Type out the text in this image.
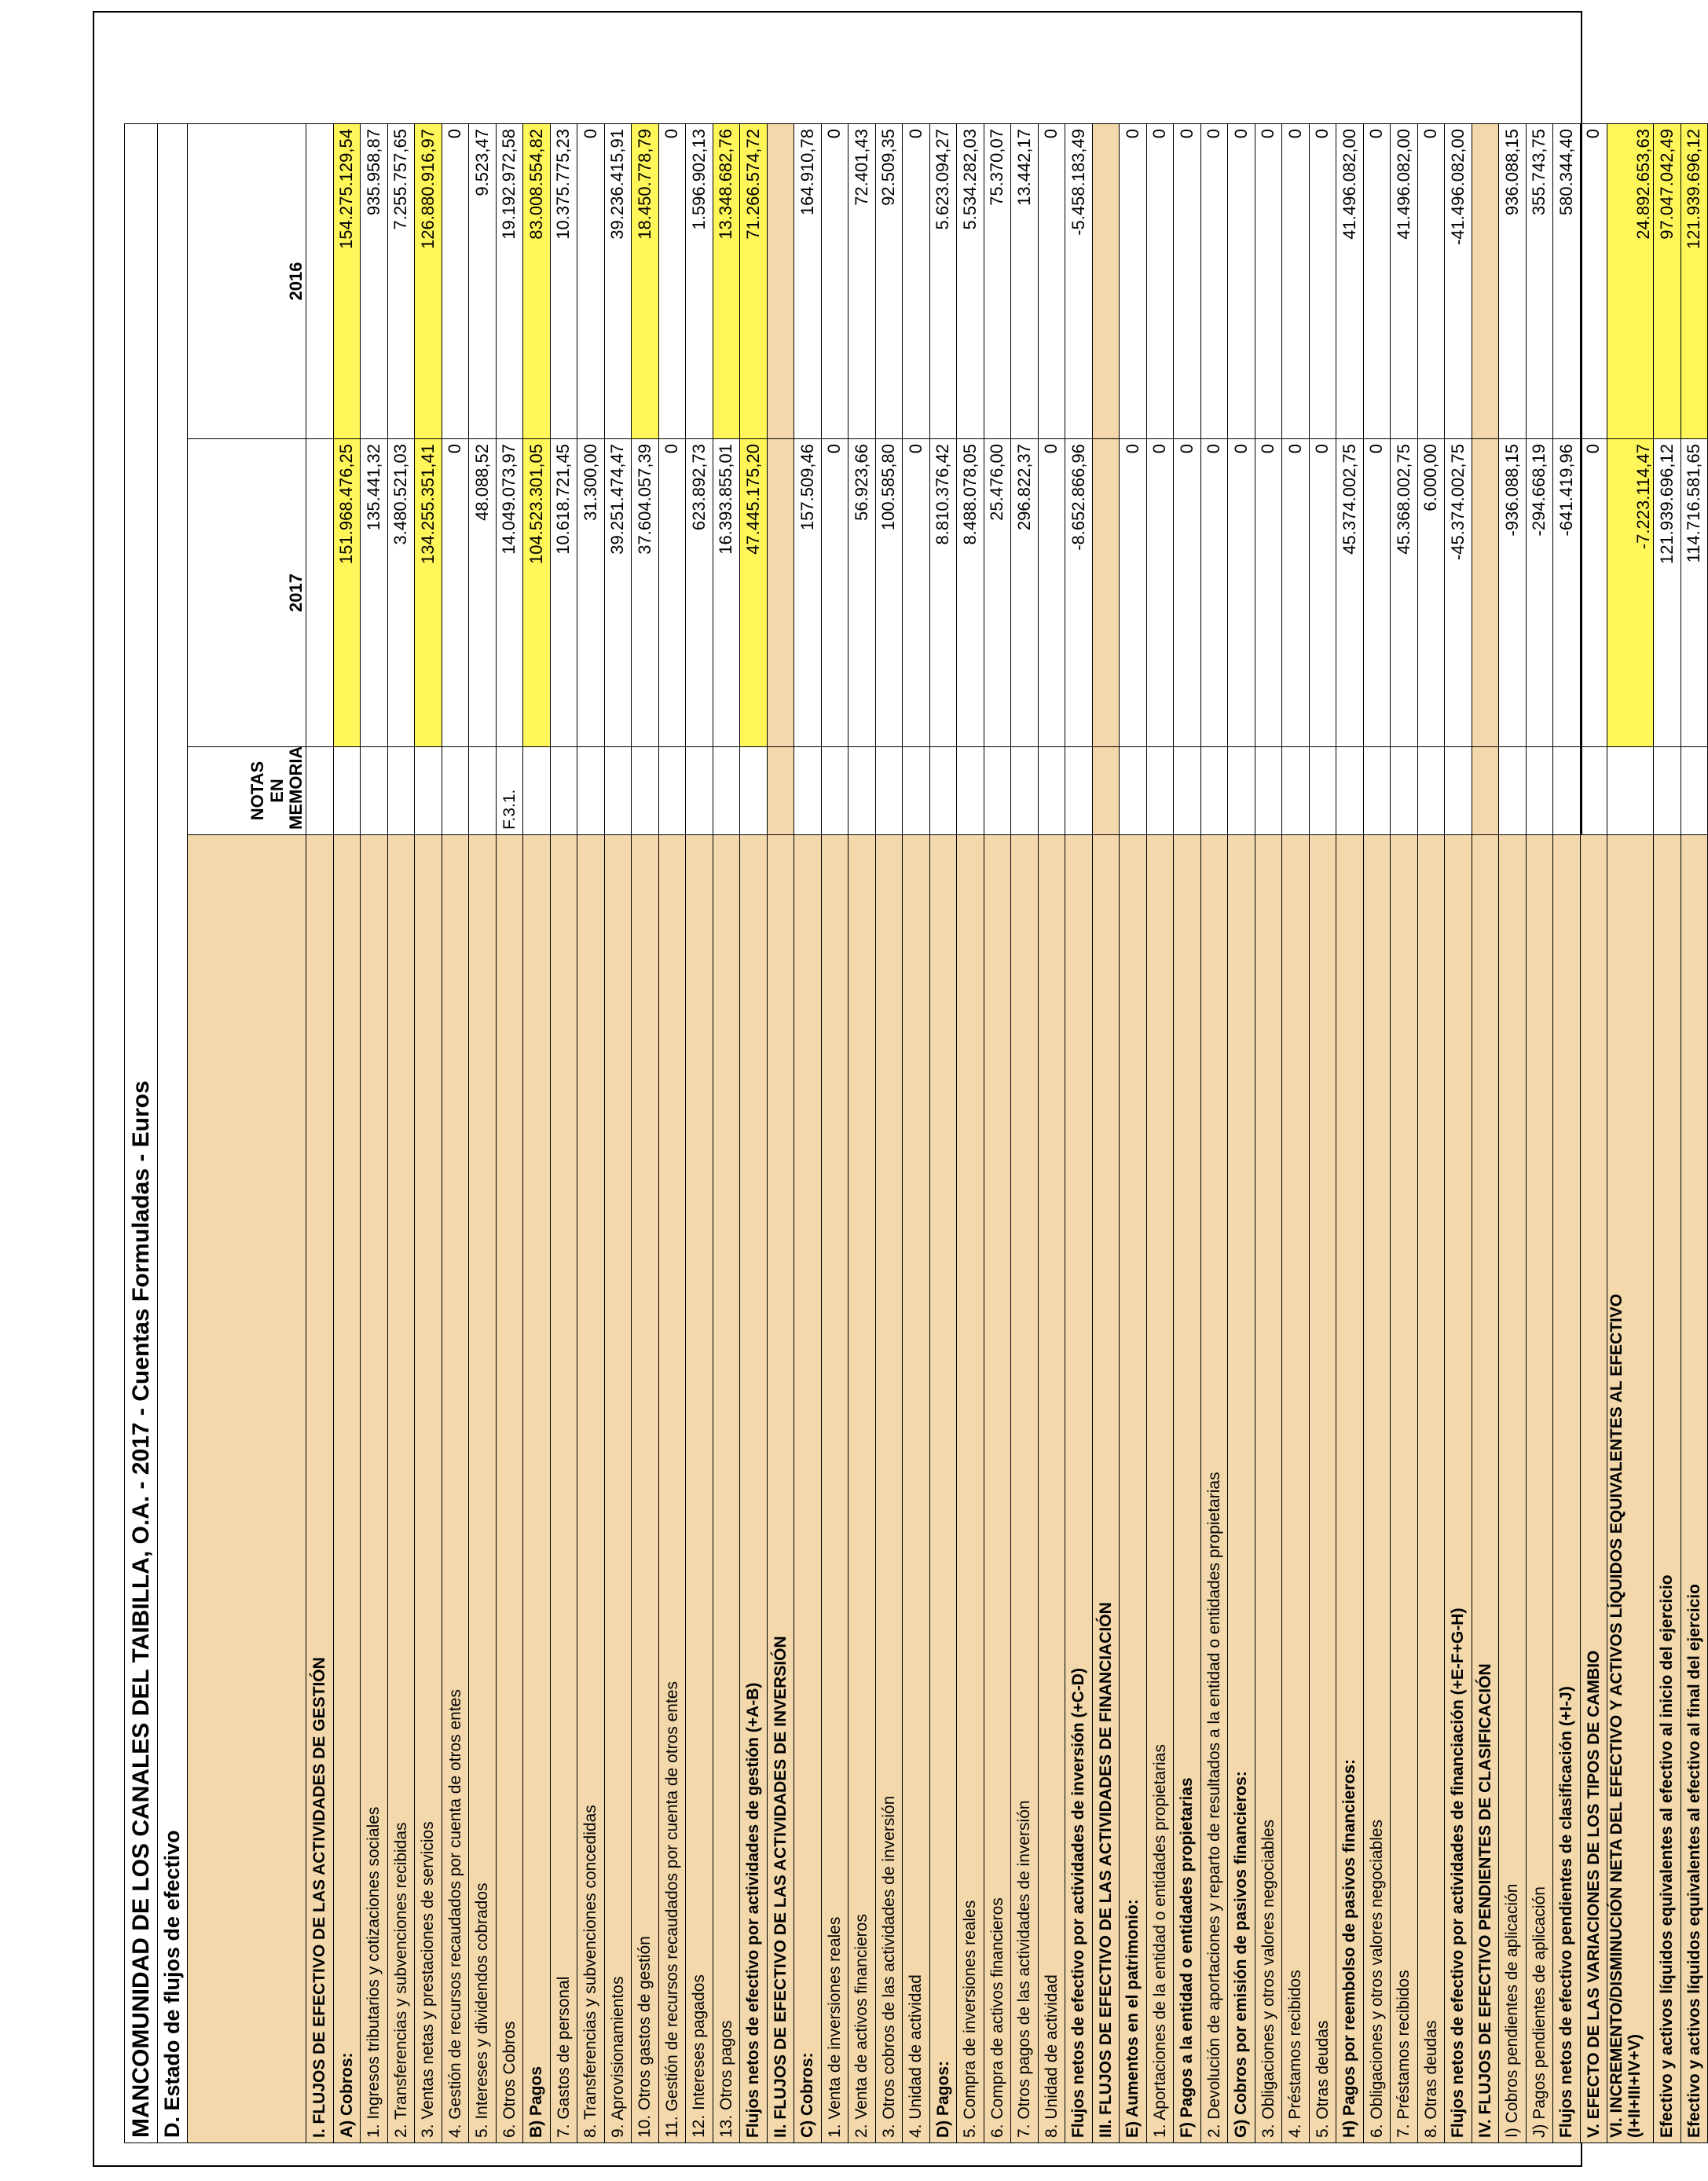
MANCOMUNIDAD DE LOS CANALES DEL TAIBILLA, O.A. - 2017 - Cuentas Formuladas - Euros			
D. Estado de flujos de efectivo			
	NOTAS EN MEMORIA	2017	2016
I. FLUJOS DE EFECTIVO DE LAS ACTIVIDADES DE GESTIÓN			
A) Cobros:		151.968.476,25	154.275.129,54
1. Ingresos tributarios y cotizaciones sociales		135.441,32	935.958,87
2. Transferencias y subvenciones recibidas		3.480.521,03	7.255.757,65
3. Ventas netas y prestaciones de servicios		134.255.351,41	126.880.916,97
4. Gestión de recursos recaudados por cuenta de otros entes		0	0
5. Intereses y dividendos cobrados		48.088,52	9.523,47
6. Otros Cobros	F.3.1.	14.049.073,97	19.192.972,58
B) Pagos		104.523.301,05	83.008.554,82
7. Gastos de personal		10.618.721,45	10.375.775,23
8. Transferencias y subvenciones concedidas		31.300,00	0
9. Aprovisionamientos		39.251.474,47	39.236.415,91
10. Otros gastos de gestión		37.604.057,39	18.450.778,79
11. Gestión de recursos recaudados por cuenta de otros entes		0	0
12. Intereses pagados		623.892,73	1.596.902,13
13. Otros pagos		16.393.855,01	13.348.682,76
Flujos netos de efectivo por actividades de gestión (+A-B)		47.445.175,20	71.266.574,72
II. FLUJOS DE EFECTIVO DE LAS ACTIVIDADES DE INVERSIÓN			
C) Cobros:		157.509,46	164.910,78
1. Venta de inversiones reales		0	0
2. Venta de activos financieros		56.923,66	72.401,43
3. Otros cobros de las actividades de inversión		100.585,80	92.509,35
4. Unidad de actividad		0	0
D) Pagos:		8.810.376,42	5.623.094,27
5. Compra de inversiones reales		8.488.078,05	5.534.282,03
6. Compra de activos financieros		25.476,00	75.370,07
7. Otros pagos de las actividades de inversión		296.822,37	13.442,17
8. Unidad de actividad		0	0
Flujos netos de efectivo por actividades de inversión (+C-D)		-8.652.866,96	-5.458.183,49
III. FLUJOS DE EFECTIVO DE LAS ACTIVIDADES DE FINANCIACIÓN			
E) Aumentos en el patrimonio:		0	0
1. Aportaciones de la entidad o entidades propietarias		0	0
F) Pagos a la entidad o entidades propietarias		0	0
2. Devolución de aportaciones y reparto de resultados a la entidad o entidades propietarias		0	0
G) Cobros por emisión de pasivos financieros:		0	0
3. Obligaciones y otros valores negociables		0	0
4. Préstamos recibidos		0	0
5. Otras deudas		0	0
H) Pagos por reembolso de pasivos financieros:		45.374.002,75	41.496.082,00
6. Obligaciones y otros valores negociables		0	0
7. Préstamos recibidos		45.368.002,75	41.496.082,00
8. Otras deudas		6.000,00	0
Flujos netos de efectivo por actividades de financiación (+E-F+G-H)		-45.374.002,75	-41.496.082,00
IV. FLUJOS DE EFECTIVO PENDIENTES DE CLASIFICACIÓN			
I) Cobros pendientes de aplicación		-936.088,15	936.088,15
J) Pagos pendientes de aplicación		-294.668,19	355.743,75
Flujos netos de efectivo pendientes de clasificación (+I-J)		-641.419,96	580.344,40
V. EFECTO DE LAS VARIACIONES DE LOS TIPOS DE CAMBIO		0	0

VI. INCREMENTO/DISMINUCIÓN NETA DEL EFECTIVO Y ACTIVOS LÍQUIDOS EQUIVALENTES AL EFECTIVO (I+II+III+IV+V)		-7.223.114,47	24.892.653,63
Efectivo y activos líquidos equivalentes al efectivo al inicio del ejercicio		121.939.696,12	97.047.042,49
Efectivo y activos líquidos equivalentes al efectivo al final del ejercicio		114.716.581,65	121.939.696,12
